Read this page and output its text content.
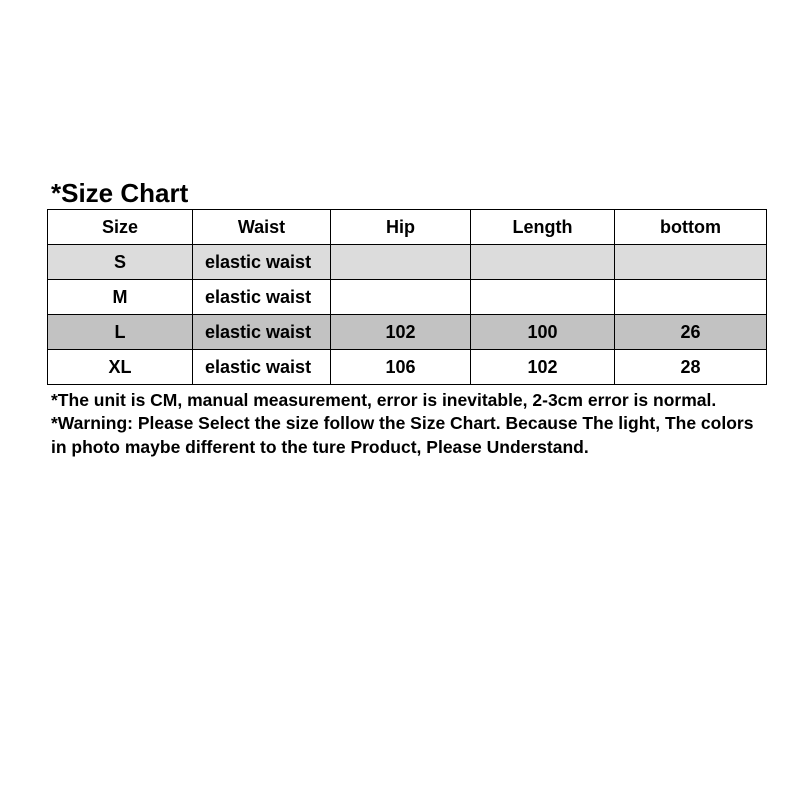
*Size Chart
Size	Waist	Hip	Length	bottom
S	elastic waist			
M	elastic waist			
L	elastic waist	102	100	26
XL	elastic waist	106	102	28
*The unit is CM, manual measurement, error is inevitable, 2-3cm error is normal. *Warning: Please Select the size follow the Size Chart. Because The light, The colors in photo maybe different to the ture Product, Please Understand.
